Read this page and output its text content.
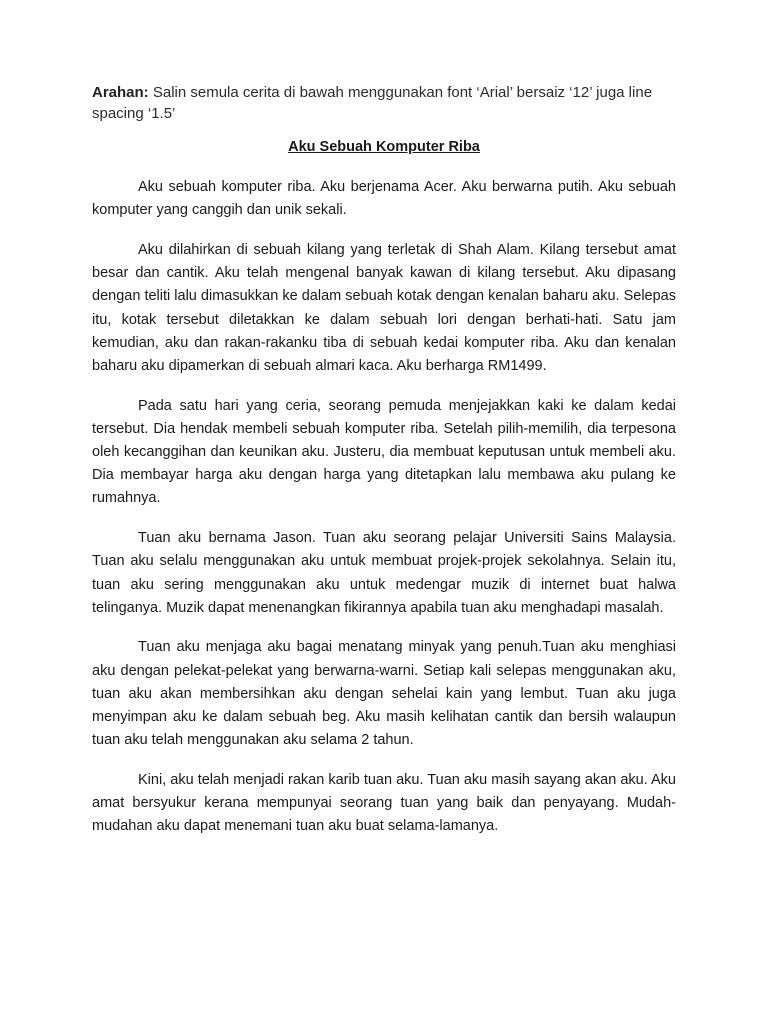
Arahan: Salin semula cerita di bawah menggunakan font ‘Arial’ bersaiz ‘12’ juga line spacing ‘1.5’

Aku Sebuah Komputer Riba

Aku sebuah komputer riba. Aku berjenama Acer. Aku berwarna putih. Aku sebuah komputer yang canggih dan unik sekali.

Aku dilahirkan di sebuah kilang yang terletak di Shah Alam. Kilang tersebut amat besar dan cantik. Aku telah mengenal banyak kawan di kilang tersebut. Aku dipasang dengan teliti lalu dimasukkan ke dalam sebuah kotak dengan kenalan baharu aku. Selepas itu, kotak tersebut diletakkan ke dalam sebuah lori dengan berhati-hati. Satu jam kemudian, aku dan rakan-rakanku tiba di sebuah kedai komputer riba. Aku dan kenalan baharu aku dipamerkan di sebuah almari kaca. Aku berharga RM1499.

Pada satu hari yang ceria, seorang pemuda menjejakkan kaki ke dalam kedai tersebut. Dia hendak membeli sebuah komputer riba. Setelah pilih-memilih, dia terpesona oleh kecanggihan dan keunikan aku. Justeru, dia membuat keputusan untuk membeli aku. Dia membayar harga aku dengan harga yang ditetapkan lalu membawa aku pulang ke rumahnya.

Tuan aku bernama Jason. Tuan aku seorang pelajar Universiti Sains Malaysia. Tuan aku selalu menggunakan aku untuk membuat projek-projek sekolahnya. Selain itu, tuan aku sering menggunakan aku untuk medengar muzik di internet buat halwa telinganya. Muzik dapat menenangkan fikirannya apabila tuan aku menghadapi masalah.

Tuan aku menjaga aku bagai menatang minyak yang penuh.Tuan aku menghiasi aku dengan pelekat-pelekat yang berwarna-warni. Setiap kali selepas menggunakan aku, tuan aku akan membersihkan aku dengan sehelai kain yang lembut. Tuan aku juga menyimpan aku ke dalam sebuah beg. Aku masih kelihatan cantik dan bersih walaupun tuan aku telah menggunakan aku selama 2 tahun.

Kini, aku telah menjadi rakan karib tuan aku. Tuan aku masih sayang akan aku. Aku amat bersyukur kerana mempunyai seorang tuan yang baik dan penyayang. Mudah-mudahan aku dapat menemani tuan aku buat selama-lamanya.
